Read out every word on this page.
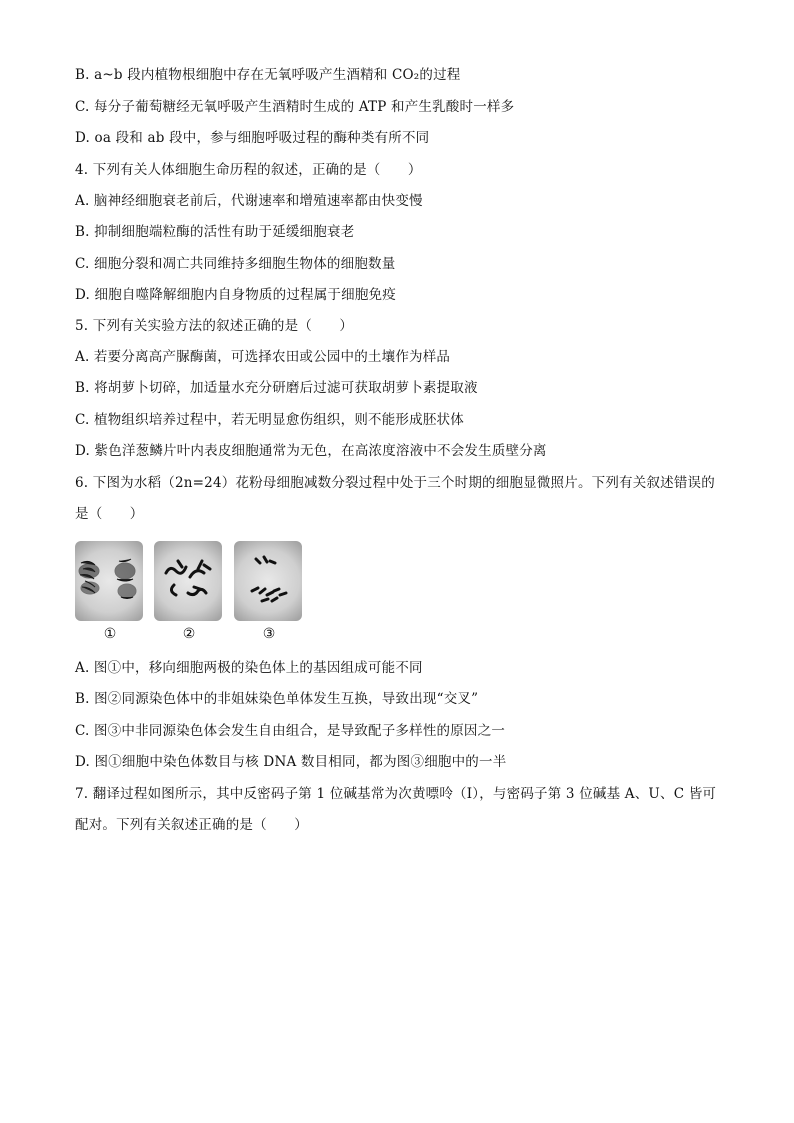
B. a~b 段内植物根细胞中存在无氧呼吸产生酒精和 CO₂的过程
C. 每分子葡萄糖经无氧呼吸产生酒精时生成的 ATP 和产生乳酸时一样多
D. oa 段和 ab 段中，参与细胞呼吸过程的酶种类有所不同
4. 下列有关人体细胞生命历程的叙述，正确的是（　　）
A. 脑神经细胞衰老前后，代谢速率和增殖速率都由快变慢
B. 抑制细胞端粒酶的活性有助于延缓细胞衰老
C. 细胞分裂和凋亡共同维持多细胞生物体的细胞数量
D. 细胞自噬降解细胞内自身物质的过程属于细胞免疫
5. 下列有关实验方法的叙述正确的是（　　）
A. 若要分离高产脲酶菌，可选择农田或公园中的土壤作为样品
B. 将胡萝卜切碎，加适量水充分研磨后过滤可获取胡萝卜素提取液
C. 植物组织培养过程中，若无明显愈伤组织，则不能形成胚状体
D. 紫色洋葱鳞片叶内表皮细胞通常为无色，在高浓度溶液中不会发生质壁分离
6. 下图为水稻（2n=24）花粉母细胞减数分裂过程中处于三个时期的细胞显微照片。下列有关叙述错误的
是（　　）
①	②	③
A. 图①中，移向细胞两极的染色体上的基因组成可能不同
B. 图②同源染色体中的非姐妹染色单体发生互换，导致出现“交叉”
C. 图③中非同源染色体会发生自由组合，是导致配子多样性的原因之一
D. 图①细胞中染色体数目与核 DNA 数目相同，都为图③细胞中的一半
7. 翻译过程如图所示，其中反密码子第 1 位碱基常为次黄嘌呤（I），与密码子第 3 位碱基 A、U、C 皆可
配对。下列有关叙述正确的是（　　）
